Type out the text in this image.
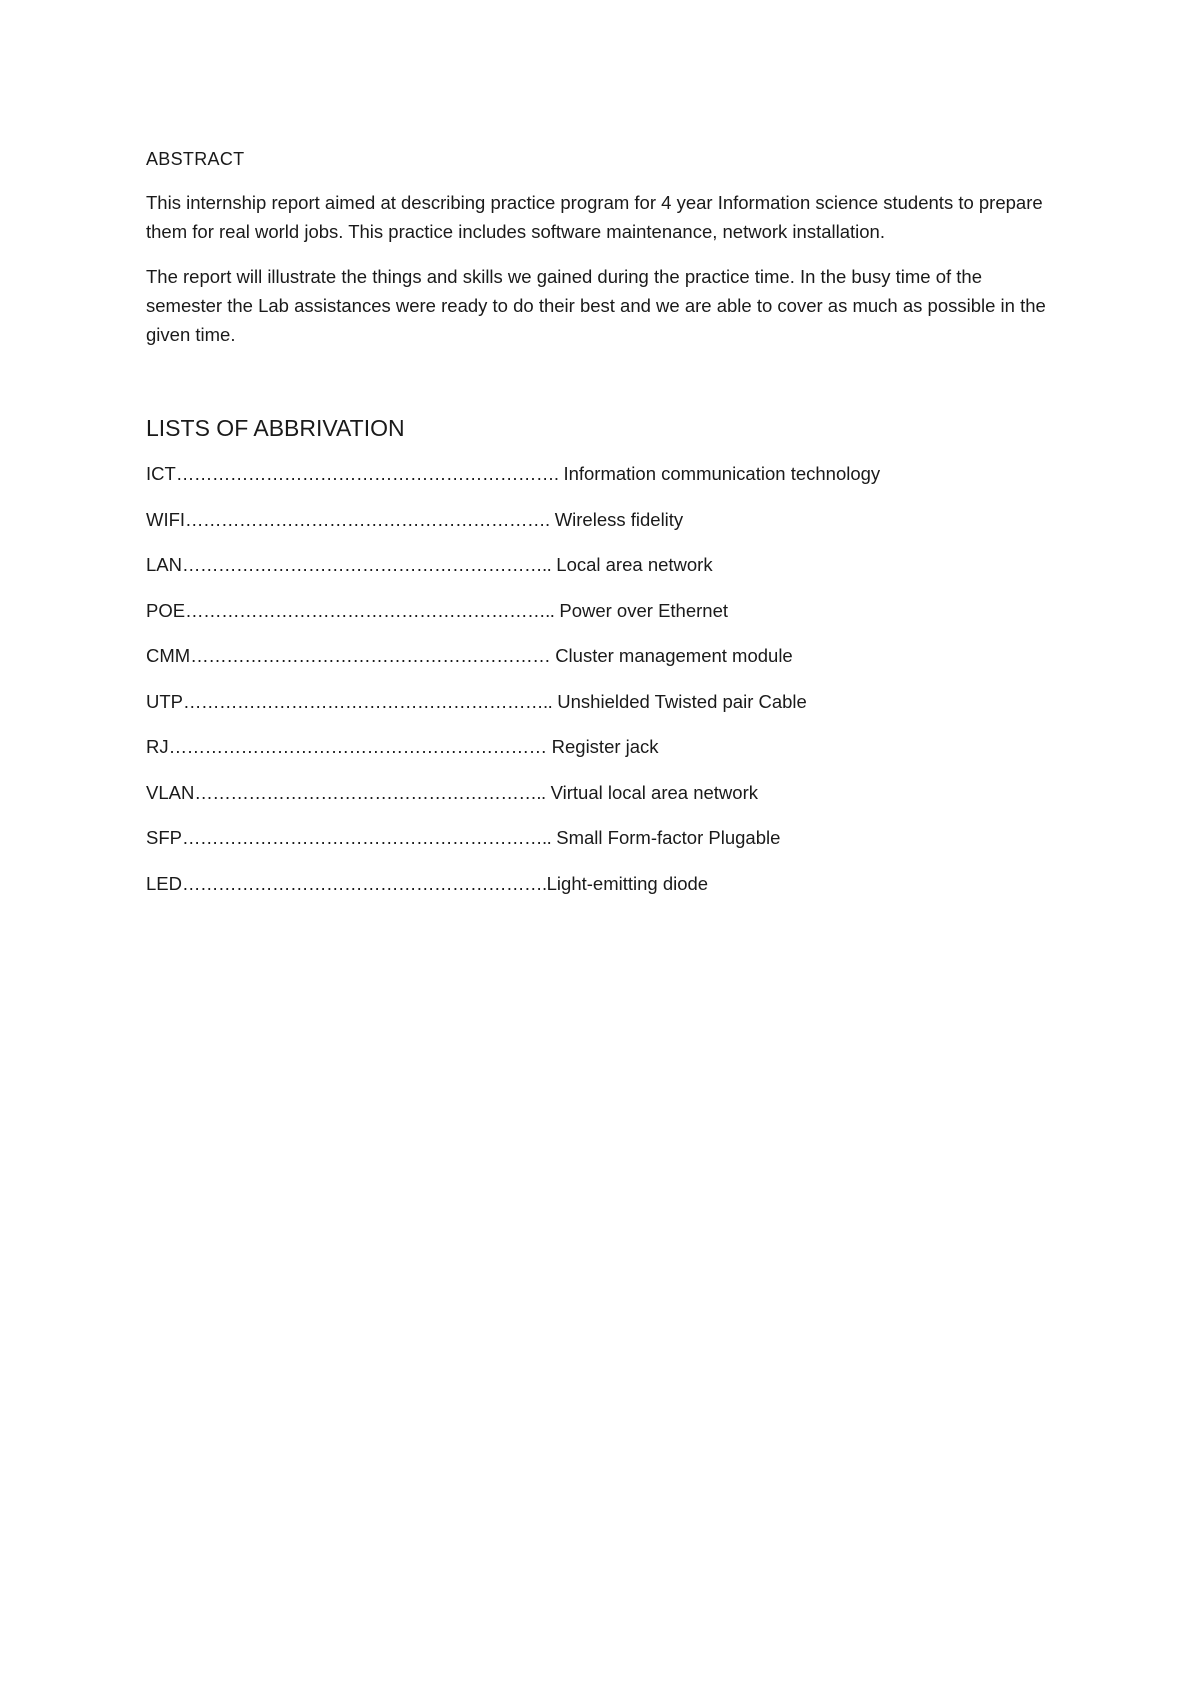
ABSTRACT

This internship report aimed at describing practice program for 4 year Information science students to prepare them for real world jobs. This practice includes software maintenance, network installation.

The report will illustrate the things and skills we gained during the practice time. In the busy time of the semester the Lab assistances were ready to do their best and we are able to cover as much as possible in the given time.

LISTS OF ABBRIVATION
ICT ………………………………………………………. Information communication technology
WIFI ……………………………………………………. Wireless fidelity
LAN …………………………………………………….. Local area network
POE …………………………………………………….. Power over Ethernet
CMM …………………………………………………… Cluster management module
UTP …………………………………………………….. Unshielded Twisted pair Cable
RJ ……………………………………………………… Register jack
VLAN ………………………………………………….. Virtual local area network
SFP …………………………………………………….. Small Form-factor Plugable
LED ……………………………………………………. Light-emitting diode
